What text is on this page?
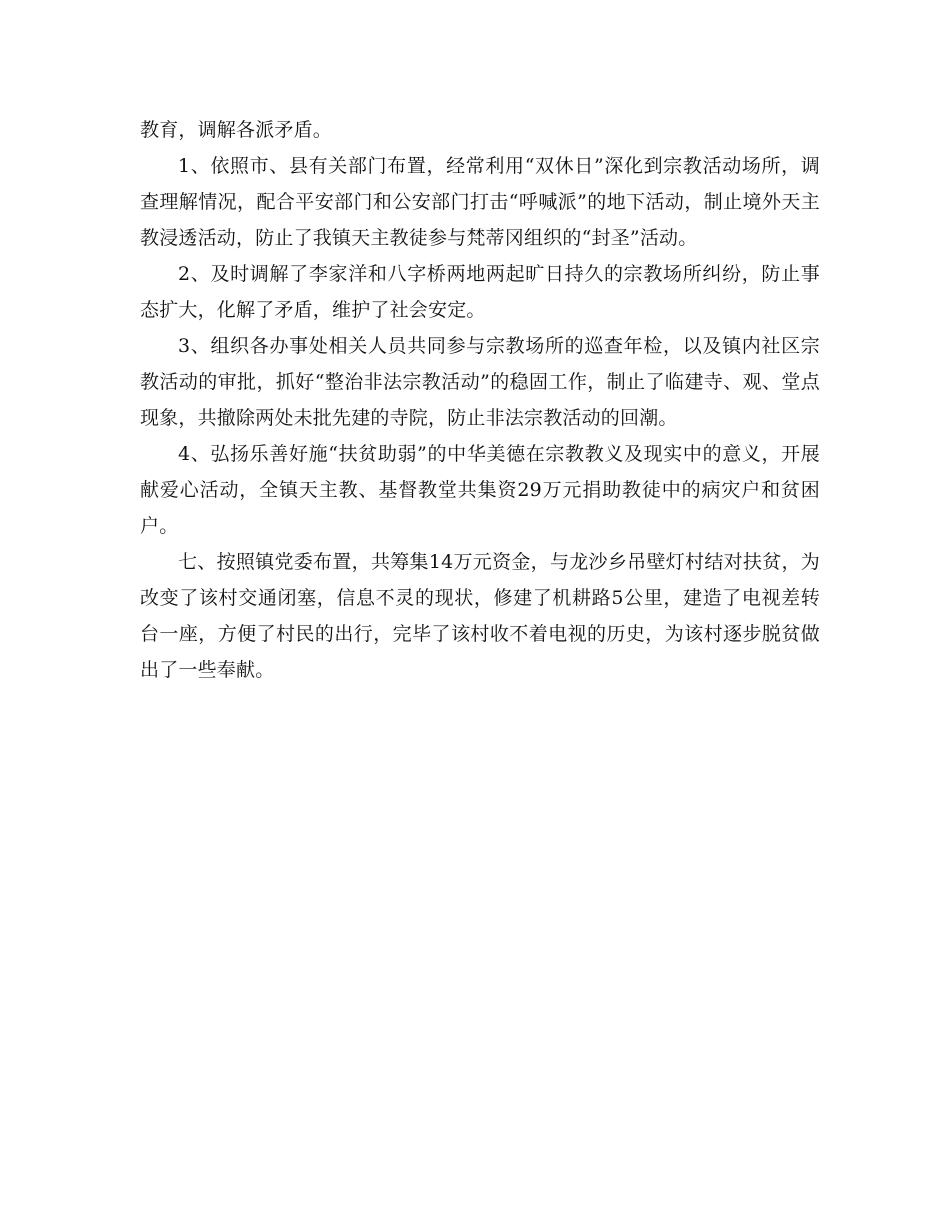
教育，调解各派矛盾。

1、依照市、县有关部门布置，经常利用“双休日”深化到宗教活动场所，调查理解情况，配合平安部门和公安部门打击“呼喊派”的地下活动，制止境外天主教浸透活动，防止了我镇天主教徒参与梵蒂冈组织的“封圣”活动。

2、及时调解了李家洋和八字桥两地两起旷日持久的宗教场所纠纷，防止事态扩大，化解了矛盾，维护了社会安定。

3、组织各办事处相关人员共同参与宗教场所的巡查年检，以及镇内社区宗教活动的审批，抓好“整治非法宗教活动”的稳固工作，制止了临建寺、观、堂点现象，共撤除两处未批先建的寺院，防止非法宗教活动的回潮。

4、弘扬乐善好施“扶贫助弱”的中华美德在宗教教义及现实中的意义，开展献爱心活动，全镇天主教、基督教堂共集资29万元捐助教徒中的病灾户和贫困户。

七、按照镇党委布置，共筹集14万元资金，与龙沙乡吊壁灯村结对扶贫，为改变了该村交通闭塞，信息不灵的现状，修建了机耕路5公里，建造了电视差转台一座，方便了村民的出行，完毕了该村收不着电视的历史，为该村逐步脱贫做出了一些奉献。
